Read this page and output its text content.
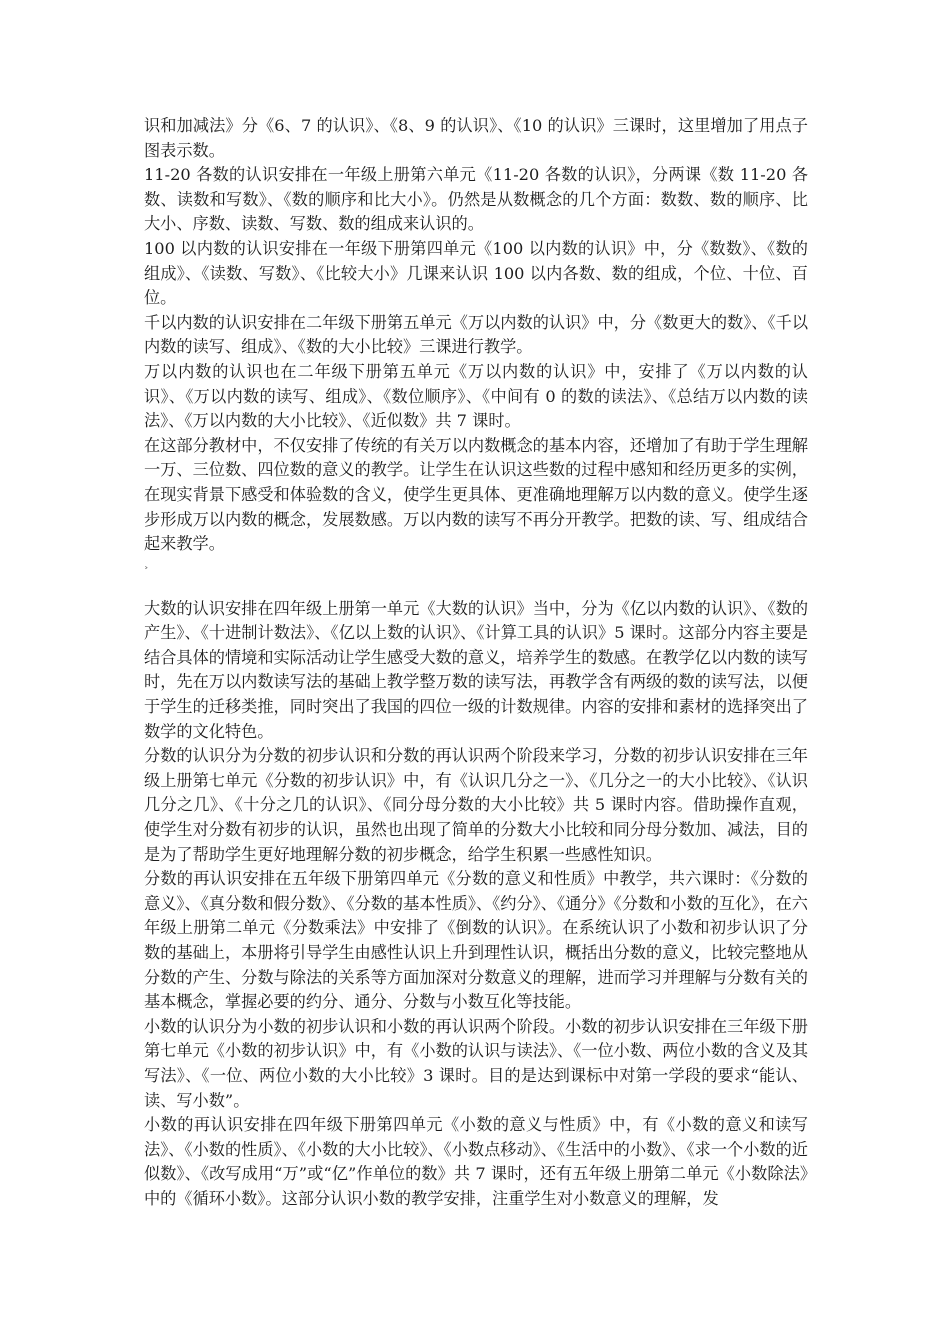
识和加减法》分《6、7 的认识》、《8、9 的认识》、《10 的认识》三课时，这里增加了用点子图表示数。

11-20 各数的认识安排在一年级上册第六单元《11-20 各数的认识》，分两课《数 11-20 各数、读数和写数》、《数的顺序和比大小》。仍然是从数概念的几个方面：数数、数的顺序、比大小、序数、读数、写数、数的组成来认识的。

100 以内数的认识安排在一年级下册第四单元《100 以内数的认识》中，分《数数》、《数的组成》、《读数、写数》、《比较大小》几课来认识 100 以内各数、数的组成，个位、十位、百位。

千以内数的认识安排在二年级下册第五单元《万以内数的认识》中，分《数更大的数》、《千以内数的读写、组成》、《数的大小比较》三课进行教学。

万以内数的认识也在二年级下册第五单元《万以内数的认识》中，安排了《万以内数的认识》、《万以内数的读写、组成》、《数位顺序》、《中间有 0 的数的读法》、《总结万以内数的读法》、《万以内数的大小比较》、《近似数》共 7 课时。

在这部分教材中，不仅安排了传统的有关万以内数概念的基本内容，还增加了有助于学生理解一万、三位数、四位数的意义的教学。让学生在认识这些数的过程中感知和经历更多的实例，在现实背景下感受和体验数的含义，使学生更具体、更准确地理解万以内数的意义。使学生逐步形成万以内数的概念，发展数感。万以内数的读写不再分开教学。把数的读、写、组成结合起来教学。

˃

大数的认识安排在四年级上册第一单元《大数的认识》当中，分为《亿以内数的认识》、《数的产生》、《十进制计数法》、《亿以上数的认识》、《计算工具的认识》5 课时。这部分内容主要是结合具体的情境和实际活动让学生感受大数的意义，培养学生的数感。在教学亿以内数的读写时，先在万以内数读写法的基础上教学整万数的读写法，再教学含有两级的数的读写法，以便于学生的迁移类推，同时突出了我国的四位一级的计数规律。内容的安排和素材的选择突出了数学的文化特色。

分数的认识分为分数的初步认识和分数的再认识两个阶段来学习，分数的初步认识安排在三年级上册第七单元《分数的初步认识》中，有《认识几分之一》、《几分之一的大小比较》、《认识几分之几》、《十分之几的认识》、《同分母分数的大小比较》共 5 课时内容。借助操作直观，使学生对分数有初步的认识，虽然也出现了简单的分数大小比较和同分母分数加、减法，目的是为了帮助学生更好地理解分数的初步概念，给学生积累一些感性知识。

分数的再认识安排在五年级下册第四单元《分数的意义和性质》中教学，共六课时：《分数的意义》、《真分数和假分数》、《分数的基本性质》、《约分》、《通分》《分数和小数的互化》，在六年级上册第二单元《分数乘法》中安排了《倒数的认识》。在系统认识了小数和初步认识了分数的基础上，本册将引导学生由感性认识上升到理性认识，概括出分数的意义，比较完整地从分数的产生、分数与除法的关系等方面加深对分数意义的理解，进而学习并理解与分数有关的基本概念，掌握必要的约分、通分、分数与小数互化等技能。

小数的认识分为小数的初步认识和小数的再认识两个阶段。小数的初步认识安排在三年级下册第七单元《小数的初步认识》中，有《小数的认识与读法》、《一位小数、两位小数的含义及其写法》、《一位、两位小数的大小比较》3 课时。目的是达到课标中对第一学段的要求“能认、读、写小数”。

小数的再认识安排在四年级下册第四单元《小数的意义与性质》中，有《小数的意义和读写法》、《小数的性质》、《小数的大小比较》、《小数点移动》、《生活中的小数》、《求一个小数的近似数》、《改写成用“万”或“亿”作单位的数》共 7 课时，还有五年级上册第二单元《小数除法》中的《循环小数》。这部分认识小数的教学安排，注重学生对小数意义的理解，发
